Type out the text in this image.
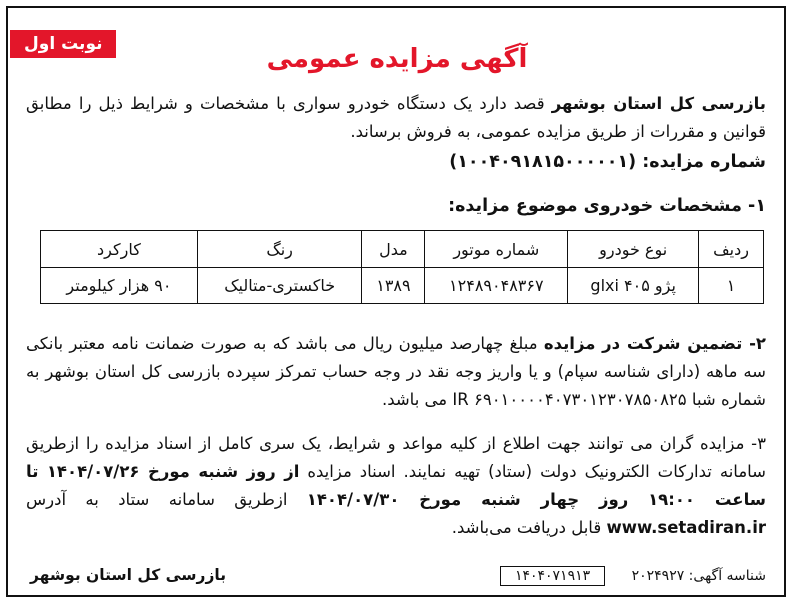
نوبت اول	آگهی مزایده عمومی
بازرسی کل استان بوشهر قصد دارد یک دستگاه خودرو سواری با مشخصات و شرایط ذیل را مطابق قوانین و مقررات از طریق مزایده عمومی، به فروش برساند.
شماره مزایده: (۱۰۰۴۰۹۱۸۱۵۰۰۰۰۰۱)
۱- مشخصات خودروی موضوع مزایده:
ردیف	نوع خودرو	شماره موتور	مدل	رنگ	کارکرد
۱	پژو ۴۰۵ glxi	۱۲۴۸۹۰۴۸۳۶۷	۱۳۸۹	خاکستری-متالیک	۹۰ هزار کیلومتر
۲- تضمین شرکت در مزایده مبلغ چهارصد میلیون ریال می باشد که به صورت ضمانت نامه معتبر بانکی سه ماهه (دارای شناسه سپام) و یا واریز وجه نقد در وجه حساب تمرکز سپرده بازرسی کل استان بوشهر به شماره شبا IR ۶۹۰۱۰۰۰۰۴۰۷۳۰۱۲۳۰۷۸۵۰۸۲۵ می باشد.
۳- مزایده گران می توانند جهت اطلاع از کلیه مواعد و شرایط، یک سری کامل از اسناد مزایده را ازطریق سامانه تدارکات الکترونیک دولت (ستاد) تهیه نمایند. اسناد مزایده از روز شنبه مورخ ۱۴۰۴/۰۷/۲۶ تا ساعت ۱۹:۰۰ روز چهار شنبه مورخ ۱۴۰۴/۰۷/۳۰ ازطریق سامانه ستاد به آدرس www.setadiran.ir قابل دریافت می‌باشد.
شناسه آگهی: ۲۰۲۴۹۲۷ ۱۴۰۴۰۷۱۹۱۳
بازرسی کل استان بوشهر
